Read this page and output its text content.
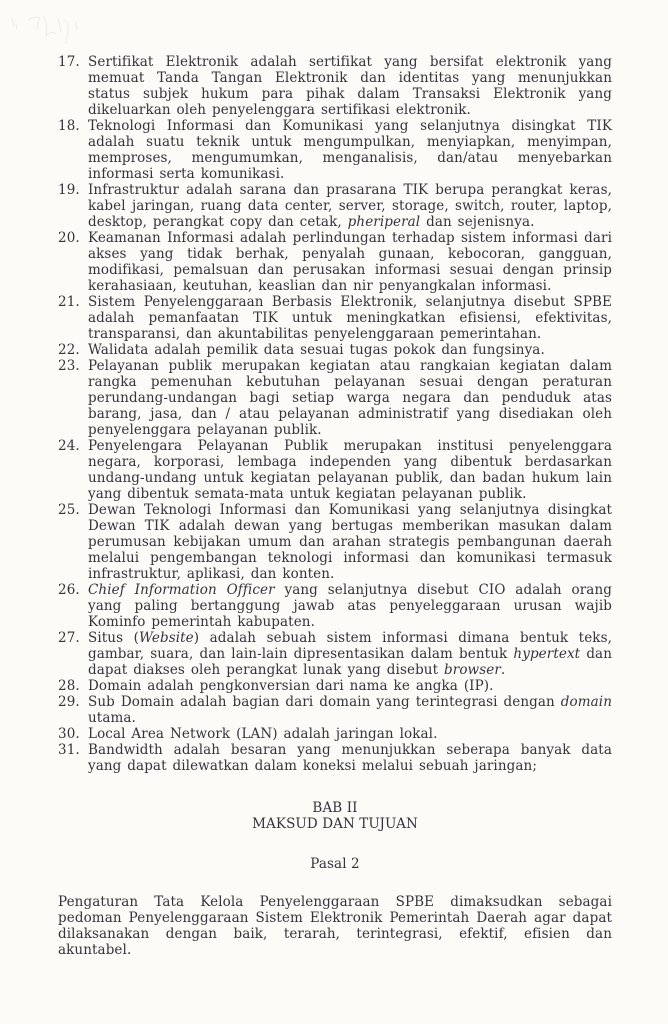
17. Sertifikat Elektronik adalah sertifikat yang bersifat elektronik yang memuat Tanda Tangan Elektronik dan identitas yang menunjukkan status subjek hukum para pihak dalam Transaksi Elektronik yang dikeluarkan oleh penyelenggara sertifikasi elektronik.
18. Teknologi Informasi dan Komunikasi yang selanjutnya disingkat TIK adalah suatu teknik untuk mengumpulkan, menyiapkan, menyimpan, memproses, mengumumkan, menganalisis, dan/atau menyebarkan informasi serta komunikasi.
19. Infrastruktur adalah sarana dan prasarana TIK berupa perangkat keras, kabel jaringan, ruang data center, server, storage, switch, router, laptop, desktop, perangkat copy dan cetak, pheriperal dan sejenisnya.
20. Keamanan Informasi adalah perlindungan terhadap sistem informasi dari akses yang tidak berhak, penyalah gunaan, kebocoran, gangguan, modifikasi, pemalsuan dan perusakan informasi sesuai dengan prinsip kerahasiaan, keutuhan, keaslian dan nir penyangkalan informasi.
21. Sistem Penyelenggaraan Berbasis Elektronik, selanjutnya disebut SPBE adalah pemanfaatan TIK untuk meningkatkan efisiensi, efektivitas, transparansi, dan akuntabilitas penyelenggaraan pemerintahan.
22. Walidata adalah pemilik data sesuai tugas pokok dan fungsinya.
23. Pelayanan publik merupakan kegiatan atau rangkaian kegiatan dalam rangka pemenuhan kebutuhan pelayanan sesuai dengan peraturan perundang-undangan bagi setiap warga negara dan penduduk atas barang, jasa, dan / atau pelayanan administratif yang disediakan oleh penyelenggara pelayanan publik.
24. Penyelengara Pelayanan Publik merupakan institusi penyelenggara negara, korporasi, lembaga independen yang dibentuk berdasarkan undang-undang untuk kegiatan pelayanan publik, dan badan hukum lain yang dibentuk semata-mata untuk kegiatan pelayanan publik.
25. Dewan Teknologi Informasi dan Komunikasi yang selanjutnya disingkat Dewan TIK adalah dewan yang bertugas memberikan masukan dalam perumusan kebijakan umum dan arahan strategis pembangunan daerah melalui pengembangan teknologi informasi dan komunikasi termasuk infrastruktur, aplikasi, dan konten.
26. Chief Information Officer yang selanjutnya disebut CIO adalah orang yang paling bertanggung jawab atas penyeleggaraan urusan wajib Kominfo pemerintah kabupaten.
27. Situs (Website) adalah sebuah sistem informasi dimana bentuk teks, gambar, suara, dan lain-lain dipresentasikan dalam bentuk hypertext dan dapat diakses oleh perangkat lunak yang disebut browser.
28. Domain adalah pengkonversian dari nama ke angka (IP).
29. Sub Domain adalah bagian dari domain yang terintegrasi dengan domain utama.
30. Local Area Network (LAN) adalah jaringan lokal.
31. Bandwidth adalah besaran yang menunjukkan seberapa banyak data yang dapat dilewatkan dalam koneksi melalui sebuah jaringan;
BAB II
MAKSUD DAN TUJUAN
Pasal 2

Pengaturan Tata Kelola Penyelenggaraan SPBE dimaksudkan sebagai pedoman Penyelenggaraan Sistem Elektronik Pemerintah Daerah agar dapat dilaksanakan dengan baik, terarah, terintegrasi, efektif, efisien dan akuntabel.
